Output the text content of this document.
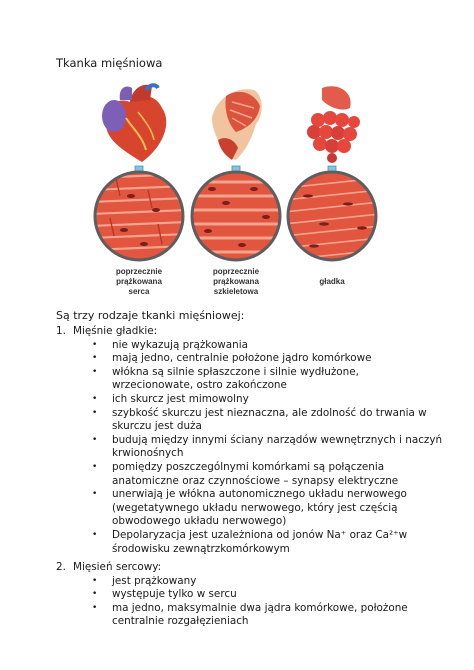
Tkanka mięśniowa
poprzecznie
prążkowana
serca
poprzecznie
prążkowana
szkieletowa
gładka
Są trzy rodzaje tkanki mięśniowej:
1. Mięśnie gładkie:
• nie wykazują prążkowania
• mają jedno, centralnie położone jądro komórkowe
• włókna są silnie spłaszczone i silnie wydłużone,
wrzecionowate, ostro zakończone
• ich skurcz jest mimowolny
• szybkość skurczu jest nieznaczna, ale zdolność do trwania w
skurczu jest duża
• budują między innymi ściany narządów wewnętrznych i naczyń
krwionośnych
• pomiędzy poszczególnymi komórkami są połączenia
anatomiczne oraz czynnościowe – synapsy elektryczne
• unerwiają je włókna autonomicznego układu nerwowego
(wegetatywnego układu nerwowego, który jest częścią
obwodowego układu nerwowego)
• Depolaryzacja jest uzależniona od jonów Na⁺ oraz Ca²⁺w
środowisku zewnątrzkomórkowym
2. Mięsień sercowy:
• jest prążkowany
• występuje tylko w sercu
• ma jedno, maksymalnie dwa jądra komórkowe, położone
centralnie rozgałęzieniach
